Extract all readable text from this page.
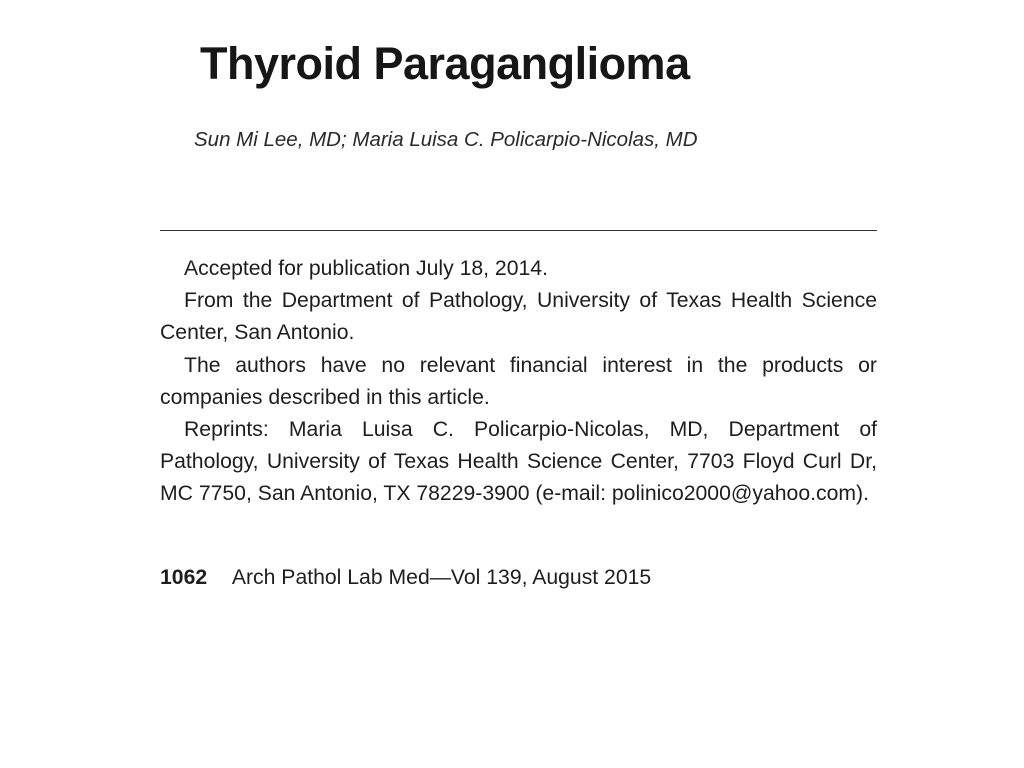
Thyroid Paraganglioma
Sun Mi Lee, MD; Maria Luisa C. Policarpio-Nicolas, MD

Accepted for publication July 18, 2014.

From the Department of Pathology, University of Texas Health Science Center, San Antonio.

The authors have no relevant financial interest in the products or companies described in this article.

Reprints: Maria Luisa C. Policarpio-Nicolas, MD, Department of Pathology, University of Texas Health Science Center, 7703 Floyd Curl Dr, MC 7750, San Antonio, TX 78229-3900 (e-mail: polinico2000@yahoo.com).

1062 Arch Pathol Lab Med—Vol 139, August 2015
